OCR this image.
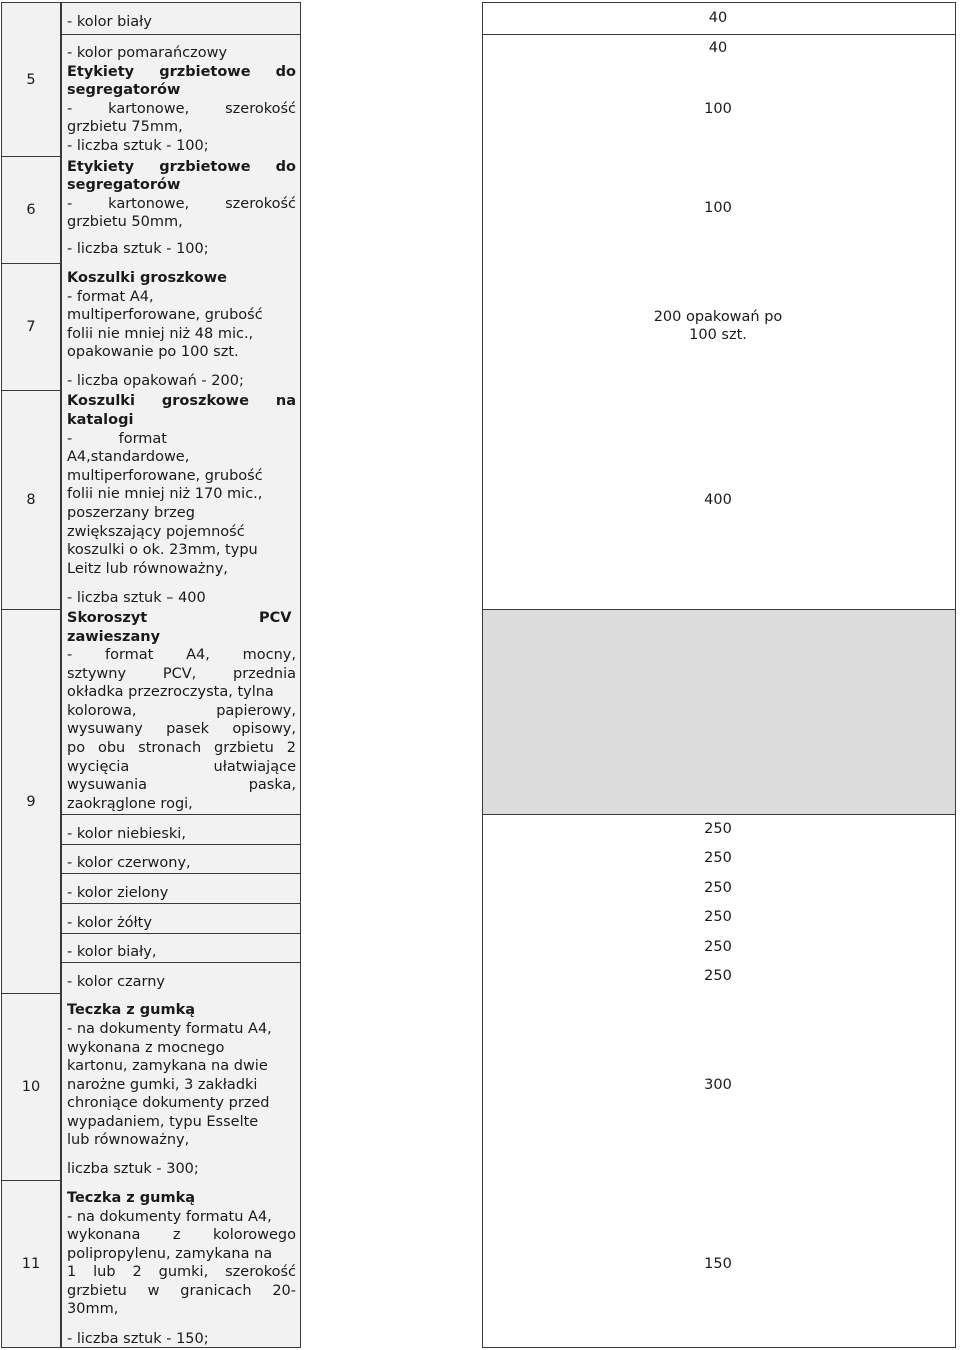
5
6
7
8
9
10
11
- kolor biały
- kolor pomarańczowy
Etykiety grzbietowe do
segregatorów
- kartonowe, szerokość
grzbietu 75mm,
- liczba sztuk - 100;
Etykiety grzbietowe do
segregatorów
- kartonowe, szerokość
grzbietu 50mm,
- liczba sztuk - 100;
Koszulki groszkowe
- format A4,
multiperforowane, grubość
folii nie mniej niż 48 mic.,
opakowanie po 100 szt.
- liczba opakowań - 200;
Koszulki groszkowe na
katalogi
- format
A4,standardowe,
multiperforowane, grubość
folii nie mniej niż 170 mic.,
poszerzany brzeg
zwiększający pojemność
koszulki o ok. 23mm, typu
Leitz lub równoważny,
- liczba sztuk – 400
Skoroszyt	PCV
zawieszany
- format A4, mocny,
sztywny PCV, przednia
okładka przezroczysta, tylna
kolorowa, papierowy,
wysuwany pasek opisowy,
po obu stronach grzbietu 2
wycięcia ułatwiające
wysuwania paska,
zaokrąglone rogi,
- kolor niebieski,
- kolor czerwony,
- kolor zielony
- kolor żółty
- kolor biały,
- kolor czarny
Teczka z gumką
- na dokumenty formatu A4,
wykonana z mocnego
kartonu, zamykana na dwie
narożne gumki, 3 zakładki
chroniące dokumenty przed
wypadaniem, typu Esselte
lub równoważny,
liczba sztuk - 300;
Teczka z gumką
- na dokumenty formatu A4,
wykonana z kolorowego
polipropylenu, zamykana na
1 lub 2 gumki, szerokość
grzbietu w granicach 20-
30mm,
- liczba sztuk - 150;
40
40
100
100
200 opakowań po
100 szt.
400
250
250
250
250
250
250
300
150
